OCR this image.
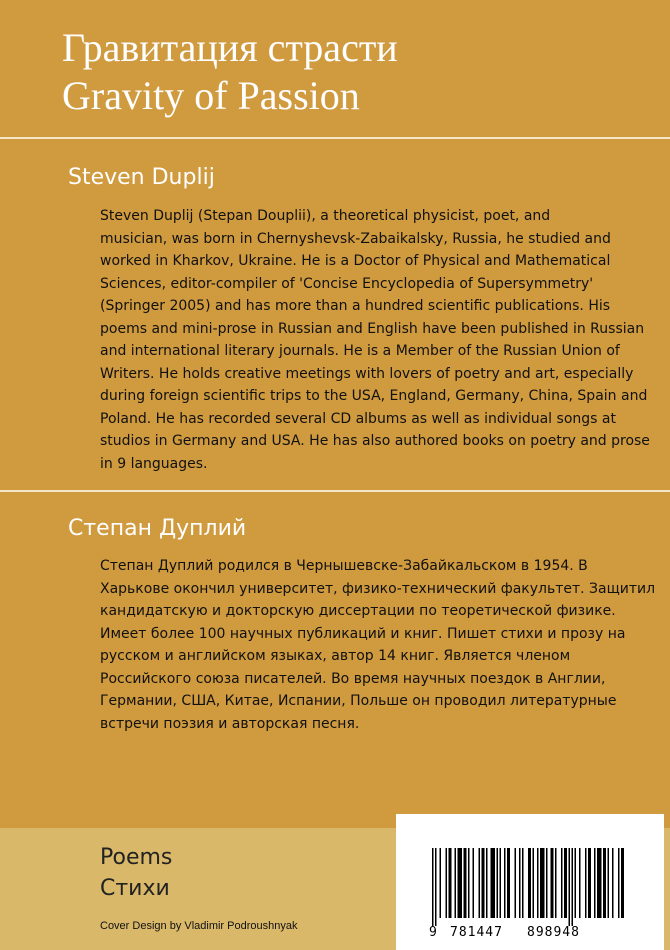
Гравитация страсти
Gravity of Passion
Steven Duplij
Steven Duplij (Stepan Douplii), a theoretical physicist, poet, and
musician, was born in Chernyshevsk-Zabaikalsky, Russia, he studied and
worked in Kharkov, Ukraine. He is a Doctor of Physical and Mathematical
Sciences, editor-compiler of 'Concise Encyclopedia of Supersymmetry'
(Springer 2005) and has more than a hundred scientific publications. His
poems and mini-prose in Russian and English have been published in Russian
and international literary journals. He is a Member of the Russian Union of
Writers. He holds creative meetings with lovers of poetry and art, especially
during foreign scientific trips to the USA, England, Germany, China, Spain and
Poland. He has recorded several CD albums as well as individual songs at
studios in Germany and USA. He has also authored books on poetry and prose
in 9 languages.
Степан Дуплий
Степан Дуплий родился в Чернышевске-Забайкальском в 1954. В
Харькове окончил университет, физико-технический факультет. Защитил
кандидатскую и докторскую диссертации по теоретической физике.
Имеет более 100 научных публикаций и книг. Пишет стихи и прозу на
русском и английском языках, автор 14 книг. Является членом
Российского союза писателей. Во время научных поездок в Англии,
Германии, США, Китае, Испании, Польше он проводил литературные
встречи поэзия и авторская песня.
Poems
Стихи
Cover Design by Vladimir Podroushnyak	9 781447 898948
